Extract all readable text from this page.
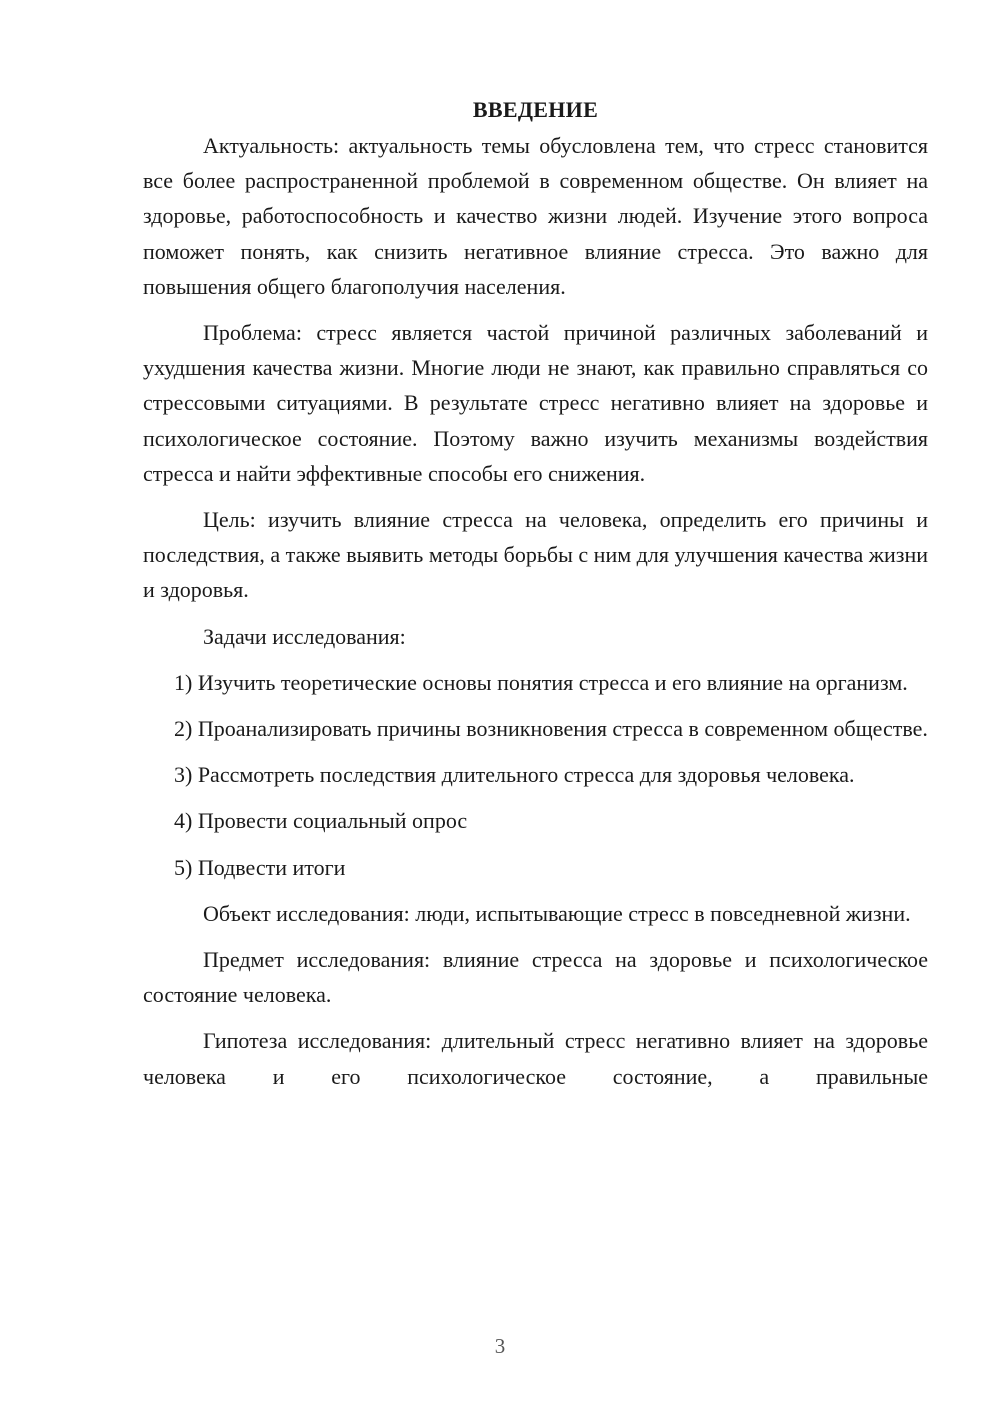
ВВЕДЕНИЕ

Актуальность: актуальность темы обусловлена тем, что стресс становится все более распространенной проблемой в современном обществе. Он влияет на здоровье, работоспособность и качество жизни людей. Изучение этого вопроса поможет понять, как снизить негативное влияние стресса. Это важно для повышения общего благополучия населения.

Проблема: стресс является частой причиной различных заболеваний и ухудшения качества жизни. Многие люди не знают, как правильно справляться со стрессовыми ситуациями. В результате стресс негативно влияет на здоровье и психологическое состояние. Поэтому важно изучить механизмы воздействия стресса и найти эффективные способы его снижения.

Цель: изучить влияние стресса на человека, определить его причины и последствия, а также выявить методы борьбы с ним для улучшения качества жизни и здоровья.

Задачи исследования:

1) Изучить теоретические основы понятия стресса и его влияние на организм.

2) Проанализировать причины возникновения стресса в современном обществе.

3) Рассмотреть последствия длительного стресса для здоровья человека.

4) Провести социальный опрос

5) Подвести итоги

Объект исследования: люди, испытывающие стресс в повседневной жизни.

Предмет исследования: влияние стресса на здоровье и психологическое состояние человека.

Гипотеза исследования: длительный стресс негативно влияет на здоровье человека и его психологическое состояние, а правильные

3
